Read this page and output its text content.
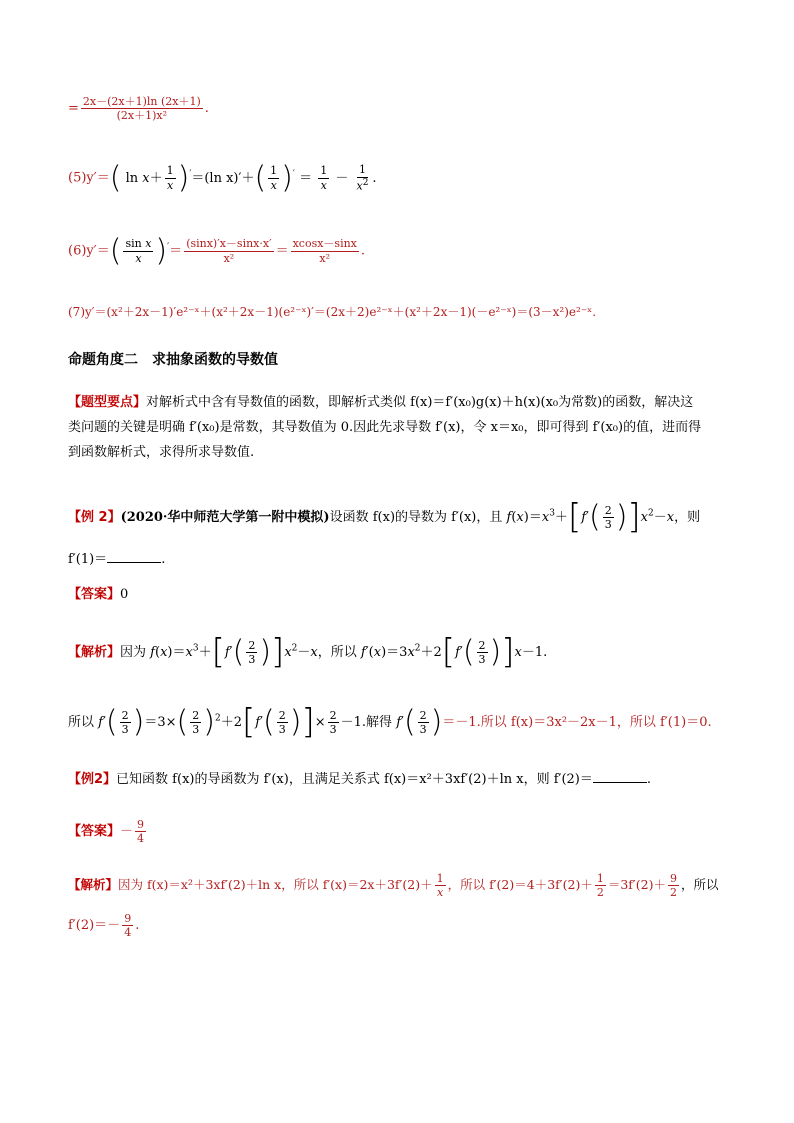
= $\frac{2x-(2x+1)\ln (2x+1)}{\text{(2x＋1)x²}}$ .
(5)y′＝( $\ln x+ \frac{1}{x} )'=(\ln$ $x)'+( \frac{1}{x} )' = \frac{1}{x} - \frac{1}{x^2}$ .
$(6)y'=( \frac{\text{sin x}}{x} )'= \frac{(\sin x)'x-\sin x\cdot x'}{\text{x²}} = \frac{xcosx-\sin x}{\text{x²}}$ .
(7)y′＝(x²＋2x－1)′e²⁻ˣ＋(x²＋2x－1)(e²⁻ˣ)′＝(2x＋2)e²⁻ˣ＋(x²＋2x－1)(－e²⁻ˣ)＝(3－x²)e²⁻ˣ.
命题角度二　求抽象函数的导数值
【题型要点】对解析式中含有导数值的函数，即解析式类似 f(x)＝f′(x₀)g(x)＋h(x)(x₀为常数)的函数，解决这
类问题的关键是明确 f′(x₀)是常数，其导数值为 0.因此先求导数 f′(x)，令 x＝x₀，即可得到 f′(x₀)的值，进而得
到函数解析式，求得所求导数值.
【例 2】(2020·华中师范大学第一附中模拟)设函数 f(x)的导数为 f′(x)，且 $f(x)=x^3+[f'( \frac{2}{3} )]x^2-x$，则
f′(1)＝	.
【答案】0
【解析】因为 $f(x)=x^3+[f'( \frac{2}{3} )]x^2-x$，所以 $f'(x)=3x^2+2[f'( \frac{2}{3} )]x-1$.
所以 $f'( \frac{2}{3} )=3\times( \frac{2}{3} )^2+2[f'( \frac{2}{3}$ )]× $\frac{2}{3} -1$.解得 $f'( \frac{2}{3} )=-1$.所以 f(x)＝3x²－2x－1，所以 f′(1)＝0.
【例2】已知函数 f(x)的导函数为 f′(x)，且满足关系式 f(x)＝x²＋3xf′(2)＋ln x，则 f′(2)＝	.
【答案】－ $\frac{9}{4}$
【解析】因为 f(x)＝x²＋3xf′(2)＋ln x，所以 $f'(x)=2x+3f'(2)+ \frac{1}{x}$ ，所以 $f'(2)=4+3f'(2)+ \frac{1}{2} =3f'(2)+ \frac{9}{2}$ ，所以
$f'(2)=- \frac{9}{4}$ .
